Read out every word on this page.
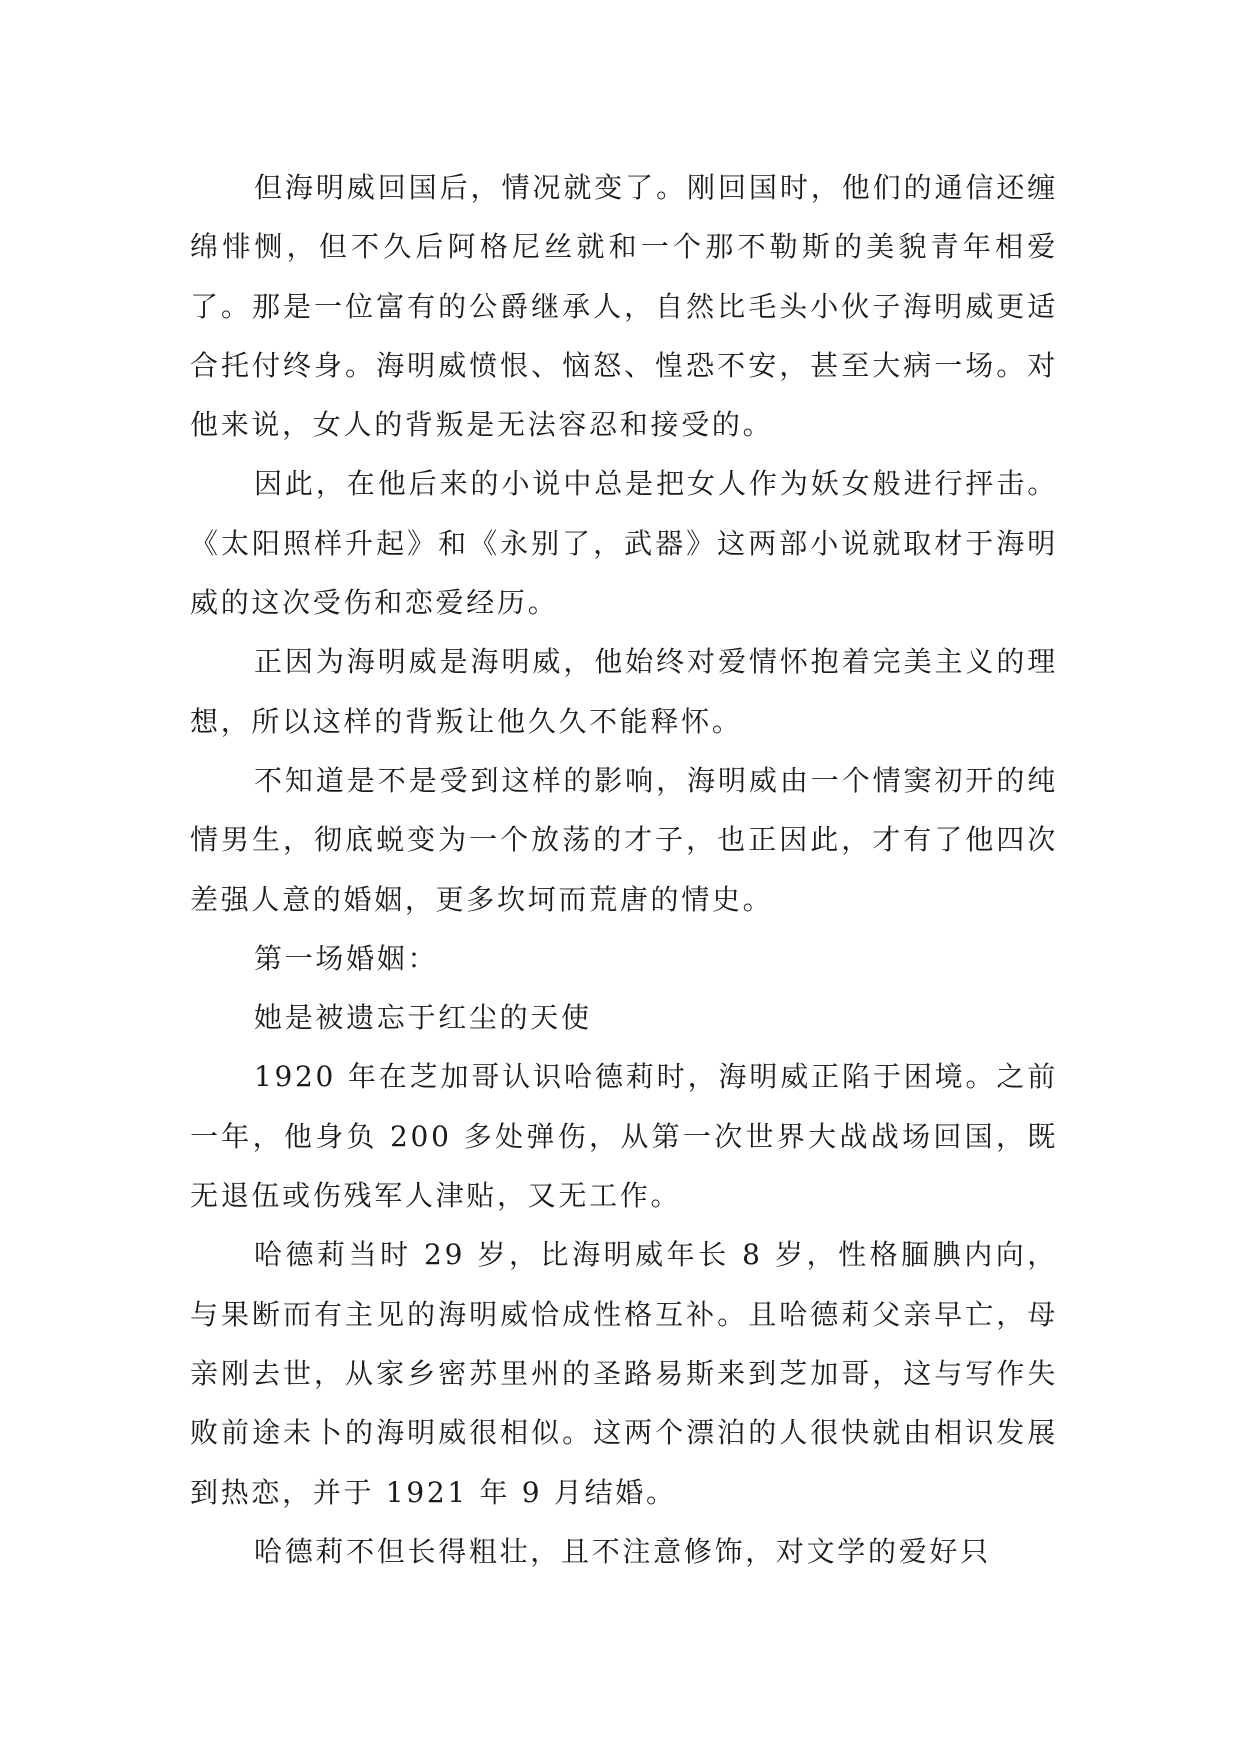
但海明威回国后，情况就变了。刚回国时，他们的通信还缠绵悱恻，但不久后阿格尼丝就和一个那不勒斯的美貌青年相爱了。那是一位富有的公爵继承人，自然比毛头小伙子海明威更适合托付终身。海明威愤恨、恼怒、惶恐不安，甚至大病一场。对他来说，女人的背叛是无法容忍和接受的。

因此，在他后来的小说中总是把女人作为妖女般进行抨击。《太阳照样升起》和《永别了，武器》这两部小说就取材于海明威的这次受伤和恋爱经历。

正因为海明威是海明威，他始终对爱情怀抱着完美主义的理想，所以这样的背叛让他久久不能释怀。

不知道是不是受到这样的影响，海明威由一个情窦初开的纯情男生，彻底蜕变为一个放荡的才子，也正因此，才有了他四次差强人意的婚姻，更多坎坷而荒唐的情史。

第一场婚姻：

她是被遗忘于红尘的天使

1920 年在芝加哥认识哈德莉时，海明威正陷于困境。之前一年，他身负 200 多处弹伤，从第一次世界大战战场回国，既无退伍或伤残军人津贴，又无工作。

哈德莉当时 29 岁，比海明威年长 8 岁，性格腼腆内向，与果断而有主见的海明威恰成性格互补。且哈德莉父亲早亡，母亲刚去世，从家乡密苏里州的圣路易斯来到芝加哥，这与写作失败前途未卜的海明威很相似。这两个漂泊的人很快就由相识发展到热恋，并于 1921 年 9 月结婚。

哈德莉不但长得粗壮，且不注意修饰，对文学的爱好只
